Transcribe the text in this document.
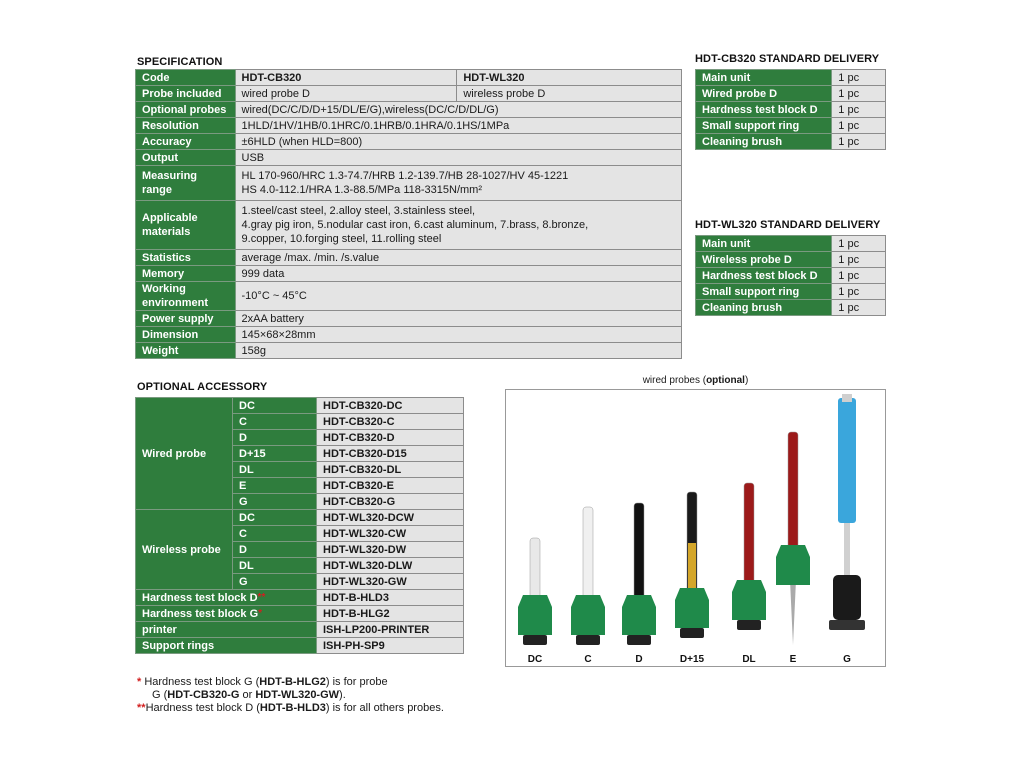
SPECIFICATION
Code	HDT-CB320	HDT-WL320
Probe included	wired probe D	wireless probe D
Optional probes	wired(DC/C/D/D+15/DL/E/G),wireless(DC/C/D/DL/G)	

Resolution	1HLD/1HV/1HB/0.1HRC/0.1HRB/0.1HRA/0.1HS/1MPa	

Accuracy	±6HLD (when HLD=800)	

Output	USB	

Measuring range	HL 170-960/HRC 1.3-74.7/HRB 1.2-139.7/HB 28-1027/HV 45-1221
HS 4.0-112.1/HRA 1.3-88.5/MPa 118-3315N/mm²	

Applicable materials	1.steel/cast steel, 2.alloy steel, 3.stainless steel,
4.gray pig iron, 5.nodular cast iron, 6.cast aluminum, 7.brass, 8.bronze,
9.copper, 10.forging steel, 11.rolling steel	

Statistics	average /max. /min. /s.value	

Memory	999 data	

Working environment	-10°C ~ 45°C	

Power supply	2xAA battery	

Dimension	145×68×28mm	

Weight	158g	
HDT-CB320 STANDARD DELIVERY
Main unit	1 pc
Wired probe D	1 pc
Hardness test block D	1 pc
Small support ring	1 pc
Cleaning brush	1 pc
HDT-WL320 STANDARD DELIVERY
Main unit	1 pc
Wireless probe D	1 pc
Hardness test block D	1 pc
Small support ring	1 pc
Cleaning brush	1 pc
OPTIONAL ACCESSORY
Wired probe	DC	HDT-CB320-DC
	C	HDT-CB320-C
	D	HDT-CB320-D
	D+15	HDT-CB320-D15
	DL	HDT-CB320-DL
	E	HDT-CB320-E
	G	HDT-CB320-G
Wireless probe	DC	HDT-WL320-DCW
	C	HDT-WL320-CW
	D	HDT-WL320-DW
	DL	HDT-WL320-DLW
	G	HDT-WL320-GW
Hardness test block D**		HDT-B-HLD3
Hardness test block G*		HDT-B-HLG2
printer		ISH-LP200-PRINTER
Support rings		ISH-PH-SP9
* Hardness test block G (HDT-B-HLG2) is for probe
G (HDT-CB320-G or HDT-WL320-GW).
**Hardness test block D (HDT-B-HLD3) is for all others probes.
wired probes (optional)
DC	C	D	D+15	DL	E	G
